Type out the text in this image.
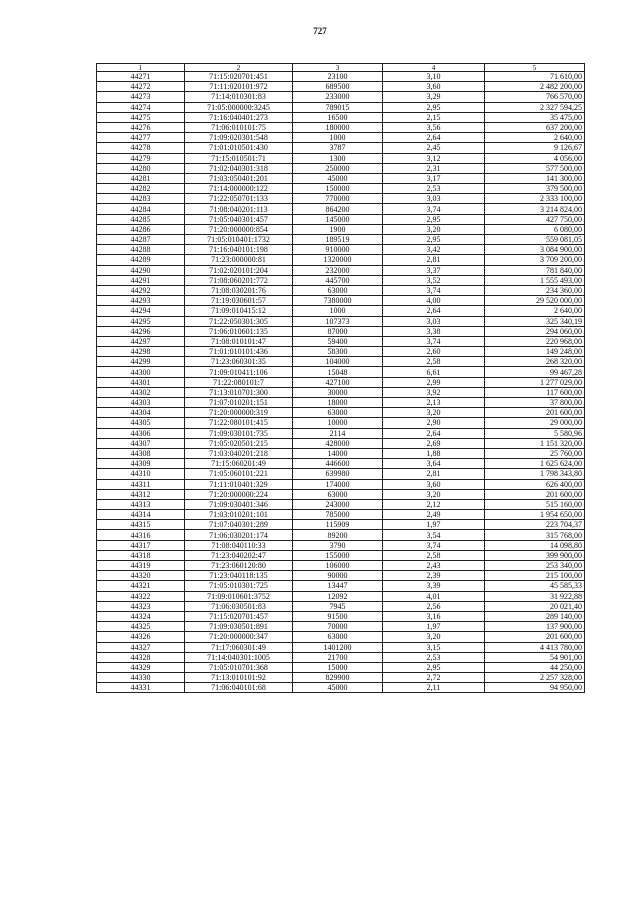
727
1	2	3	4	5
44271	71:15:020701:451	23100	3,10	71 610,00
44272	71:11:020101:972	689500	3,60	2 482 200,00
44273	71:14:010301:83	233000	3,29	766 570,00
44274	71:05:000000:3245	789015	2,95	2 327 594,25
44275	71:16:040401:273	16500	2,15	35 475,00
44276	71:06:010101:75	180000	3,56	637 200,00
44277	71:09:020301:548	1000	2,64	2 640,00
44278	71:01:010501:430	3787	2,45	9 126,67
44279	71:15:010501:71	1300	3,12	4 056,00
44280	71:02:040301:318	250000	2,31	577 500,00
44281	71:03:050401:201	45000	3,17	141 300,00
44282	71:14:000000:122	150000	2,53	379 500,00
44283	71:22:050701:133	770000	3,03	2 333 100,00
44284	71:08:040201:113	864200	3,74	3 214 824,00
44285	71:05:040301:457	145000	2,95	427 750,00
44286	71:20:000000:854	1900	3,20	6 080,00
44287	71:05:010401:1732	189519	2,95	559 081,05
44288	71:16:040101:198	910000	3,42	3 084 900,00
44289	71:23:000000:81	1320000	2,81	3 709 200,00
44290	71:02:020101:204	232000	3,37	781 840,00
44291	71:08:060201:772	445700	3,52	1 555 493,00
44292	71:08:030201:76	63000	3,74	234 360,00
44293	71:19:030601:57	7380000	4,00	29 520 000,00
44294	71:09:010415:12	1000	2,64	2 640,00
44295	71:22:050301:305	107373	3,03	325 340,19
44296	71:06:010601:135	87000	3,38	294 060,00
44297	71:08:010101:47	59400	3,74	220 968,00
44298	71:01:010101:436	58300	2,60	149 248,00
44299	71:23:060301:35	104000	2,58	268 320,00
44300	71:09:010411:106	15048	6,61	99 467,28
44301	71:22:080101:7	427100	2,99	1 277 029,00
44302	71:13:010701:300	30000	3,92	117 600,00
44303	71:07:010201:151	18000	2,13	37 800,00
44304	71:20:000000:319	63000	3,20	201 600,00
44305	71:22:080101:415	10000	2,90	29 000,00
44306	71:09:030101:735	2114	2,64	5 580,96
44307	71:05:020501:215	428000	2,69	1 151 320,00
44308	71:03:040201:218	14000	1,88	25 760,00
44309	71:15:060201:49	446600	3,64	1 625 624,00
44310	71:05:060101:221	639980	2,81	1 798 343,80
44311	71:11:010401:329	174000	3,60	626 400,00
44312	71:20:000000:224	63000	3,20	201 600,00
44313	71:09:030401:346	243000	2,12	515 160,00
44314	71:03:010201:101	785000	2,49	1 954 650,00
44315	71:07:040301:289	115909	1,97	223 704,37
44316	71:06:030201:174	89200	3,54	315 768,00
44317	71:08:040110:33	3790	3,74	14 098,80
44318	71:23:040202:47	155000	2,58	399 900,00
44319	71:23:060120:80	106000	2,43	253 340,00
44320	71:23:040118:135	90000	2,39	215 100,00
44321	71:05:010301:725	13447	3,39	45 585,33
44322	71:09:010601:3752	12092	4,01	31 922,88
44323	71:06:030501:83	7945	2,56	20 021,40
44324	71:15:020701:457	91500	3,16	289 140,00
44325	71:09:030501:891	70000	1,97	137 900,00
44326	71:20:000000:347	63000	3,20	201 600,00
44327	71:17:060301:49	1401200	3,15	4 413 780,00
44328	71:14:040301:1005	21700	2,53	54 901,00
44329	71:05:010701:368	15000	2,95	44 250,00
44330	71:13:010101:92	829900	2,72	2 257 328,00
44331	71:06:040101:68	45000	2,11	94 950,00
